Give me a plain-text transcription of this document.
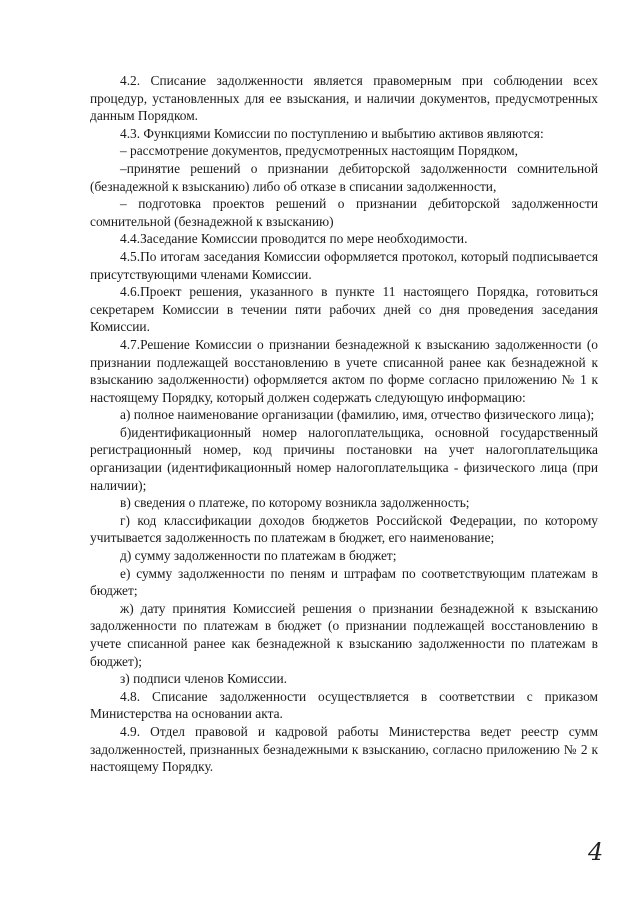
4.2. Списание задолженности является правомерным при соблюдении всех процедур, установленных для ее взыскания, и наличии документов, предусмотренных данным Порядком.

4.3. Функциями Комиссии по поступлению и выбытию активов являются:

– рассмотрение документов, предусмотренных настоящим Порядком,

–принятие решений о признании дебиторской задолженности сомнительной (безнадежной к взысканию) либо об отказе в списании задолженности,

– подготовка проектов решений о признании дебиторской задолженности сомнительной (безнадежной к взысканию)

4.4.Заседание Комиссии проводится по мере необходимости.

4.5.По итогам заседания Комиссии оформляется протокол, который подписывается присутствующими членами Комиссии.

4.6.Проект решения, указанного в пункте 11 настоящего Порядка, готовиться секретарем Комиссии в течении пяти рабочих дней со дня проведения заседания Комиссии.

4.7.Решение Комиссии о признании безнадежной к взысканию задолженности (о признании подлежащей восстановлению в учете списанной ранее как безнадежной к взысканию задолженности) оформляется актом по форме согласно приложению № 1 к настоящему Порядку, который должен содержать следующую информацию:

а) полное наименование организации (фамилию, имя, отчество физического лица);

б)идентификационный номер налогоплательщика, основной государственный регистрационный номер, код причины постановки на учет налогоплательщика организации (идентификационный номер налогоплательщика - физического лица (при наличии);

в) сведения о платеже, по которому возникла задолженность;

г) код классификации доходов бюджетов Российской Федерации, по которому учитывается задолженность по платежам в бюджет, его наименование;

д) сумму задолженности по платежам в бюджет;

е) сумму задолженности по пеням и штрафам по соответствующим платежам в бюджет;

ж) дату принятия Комиссией решения о признании безнадежной к взысканию задолженности по платежам в бюджет (о признании подлежащей восстановлению в учете списанной ранее как безнадежной к взысканию задолженности по платежам в бюджет);

з) подписи членов Комиссии.

4.8. Списание задолженности осуществляется в соответствии с приказом Министерства на основании акта.

4.9. Отдел правовой и кадровой работы Министерства ведет реестр сумм задолженностей, признанных безнадежными к взысканию, согласно приложению № 2 к настоящему Порядку.

4
